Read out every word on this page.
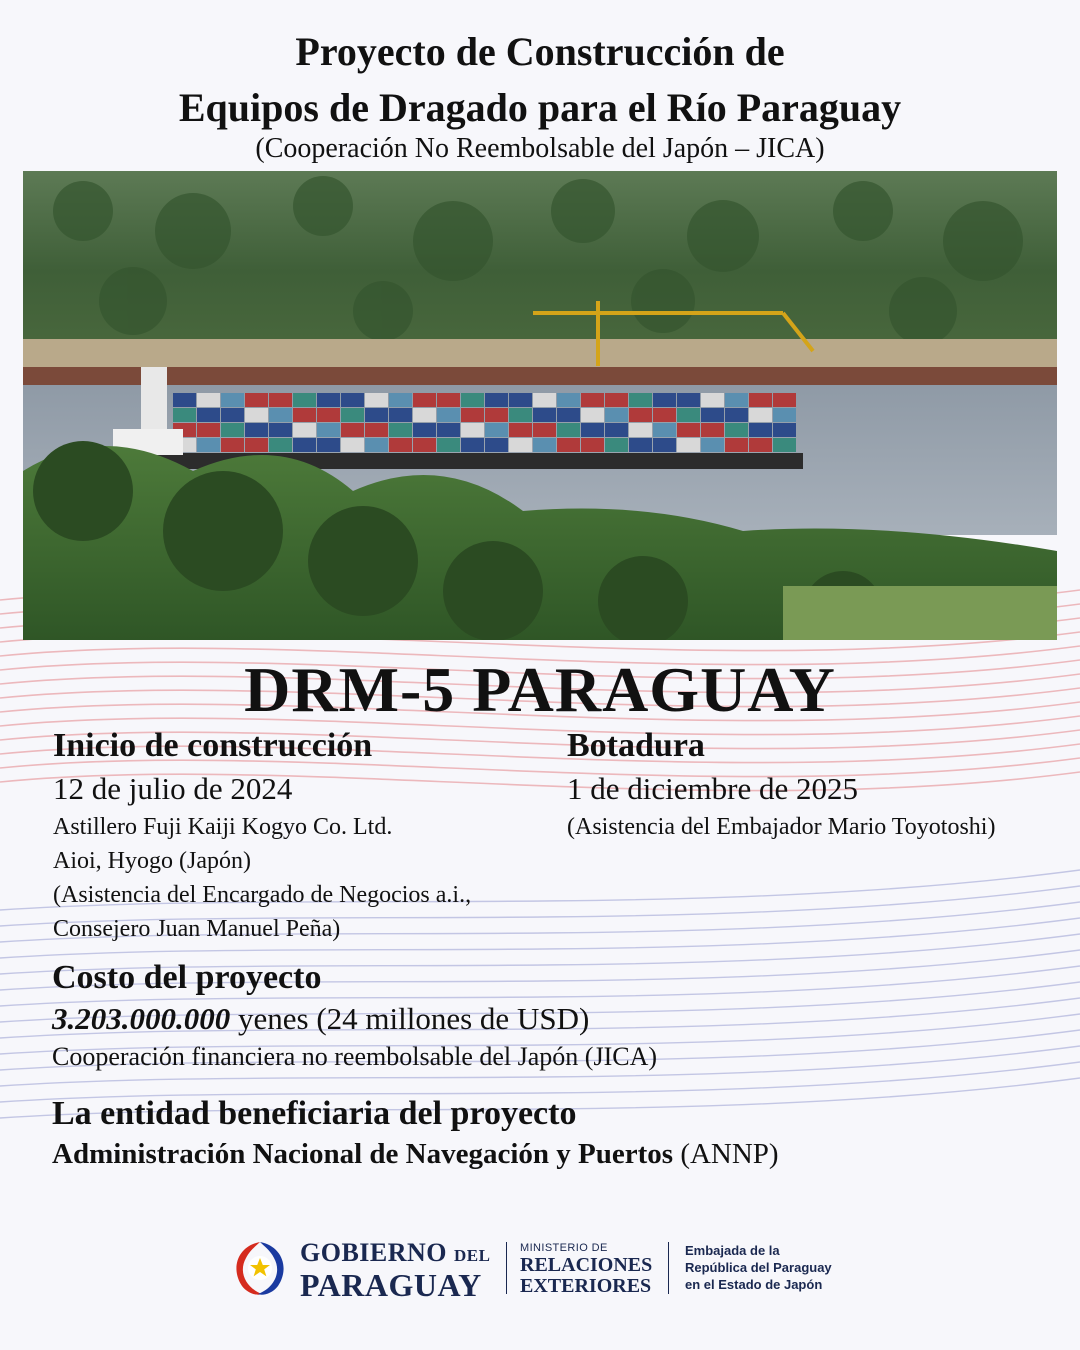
Proyecto de Construcción de
Equipos de Dragado para el Río Paraguay
(Cooperación No Reembolsable del Japón – JICA)
DRM-5 PARAGUAY
Inicio de construcción
12 de julio de 2024
Astillero Fuji Kaiji Kogyo Co. Ltd.
Aioi, Hyogo (Japón)
(Asistencia del Encargado de Negocios a.i.,
Consejero Juan Manuel Peña)
Botadura
1 de diciembre de 2025
(Asistencia del Embajador Mario Toyotoshi)
Costo del proyecto
3.203.000.000 yenes (24 millones de USD)
Cooperación financiera no reembolsable del Japón (JICA)
La entidad beneficiaria del proyecto
Administración Nacional de Navegación y Puertos (ANNP)
GOBIERNO DEL
PARAGUAY
MINISTERIO DE
RELACIONES
EXTERIORES
Embajada de la
República del Paraguay
en el Estado de Japón
